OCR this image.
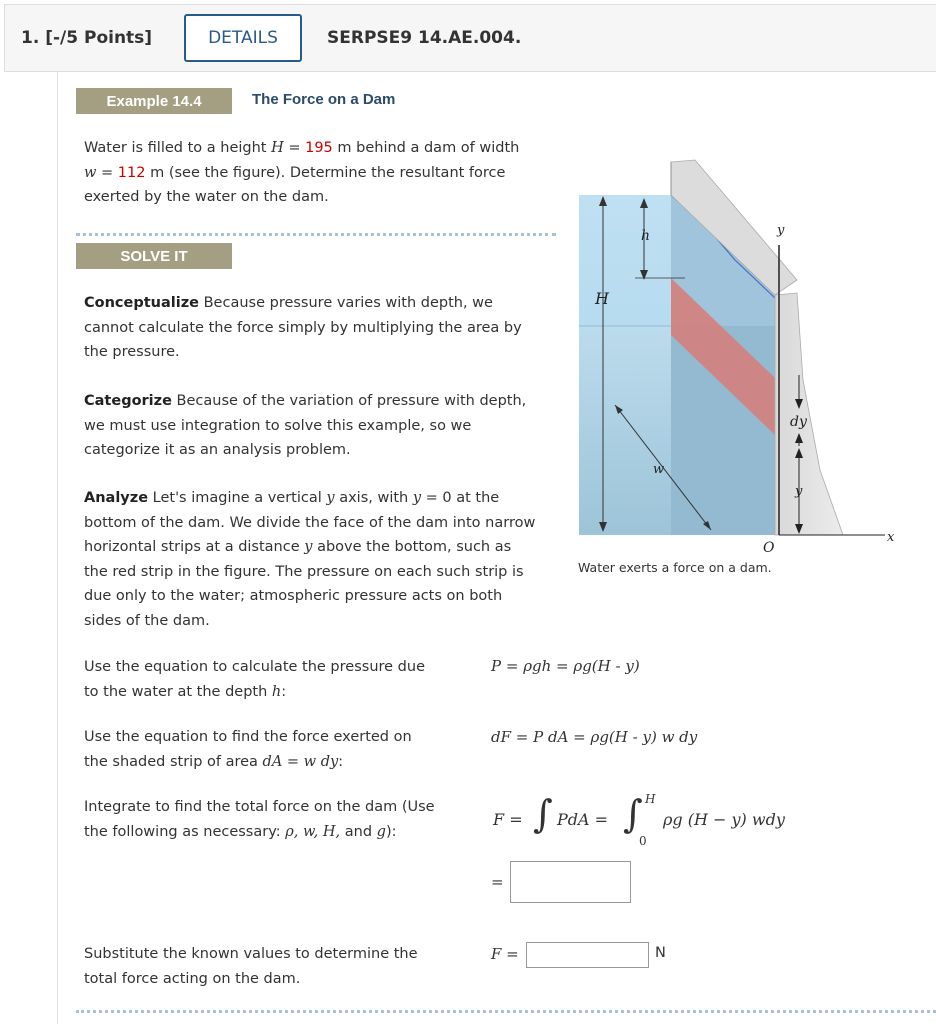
1. [-/5 Points]	DETAILS	SERPSE9 14.AE.004.
Example 14.4	The Force on a Dam
Water is filled to a height H = 195 m behind a dam of width w = 112 m (see the figure). Determine the resultant force exerted by the water on the dam.
SOLVE IT
Conceptualize Because pressure varies with depth, we cannot calculate the force simply by multiplying the area by the pressure.
Categorize Because of the variation of pressure with depth, we must use integration to solve this example, so we categorize it as an analysis problem.
Analyze Let's imagine a vertical y axis, with y = 0 at the bottom of the dam. We divide the face of the dam into narrow horizontal strips at a distance y above the bottom, such as the red strip in the figure. The pressure on each such strip is due only to the water; atmospheric pressure acts on both sides of the dam.
h
H
y
dy
y
w
O
x
Water exerts a force on a dam.
Use the equation to calculate the pressure due to the water at the depth h:
P = ρgh = ρg(H - y)
Use the equation to find the force exerted on the shaded strip of area dA = w dy:
dF = P dA = ρg(H - y) w dy
Integrate to find the total force on the dam (Use the following as necessary: ρ, w, H, and g):
F = ∫ PdA = ∫ H
0
ρg (H − y) wdy
=
Substitute the known values to determine the total force acting on the dam.
F =	N
